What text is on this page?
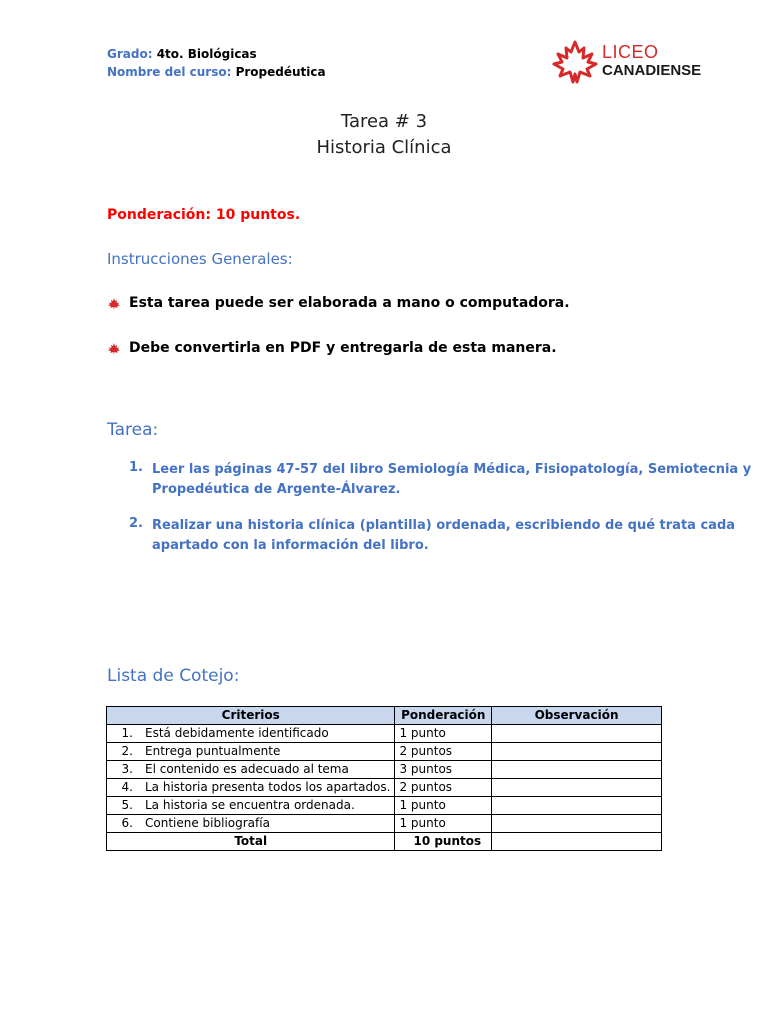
Grado: 4to. Biológicas
Nombre del curso: Propedéutica
LICEO
CANADIENSE
Tarea # 3
Historia Clínica
Ponderación: 10 puntos.
Instrucciones Generales:
Esta tarea puede ser elaborada a mano o computadora.
Debe convertirla en PDF y entregarla de esta manera.
Tarea:
1. Leer las páginas 47-57 del libro Semiología Médica, Fisiopatología, Semiotecnia y
Propedéutica de Argente-Álvarez.
2. Realizar una historia clínica (plantilla) ordenada, escribiendo de qué trata cada
apartado con la información del libro.
Lista de Cotejo:
Criterios	Ponderación	Observación
1. Está debidamente identificado	1 punto	
2. Entrega puntualmente	2 puntos	
3. El contenido es adecuado al tema	3 puntos	
4. La historia presenta todos los apartados.	2 puntos	
5. La historia se encuentra ordenada.	1 punto	
6. Contiene bibliografía	1 punto	
Total	10 puntos	
